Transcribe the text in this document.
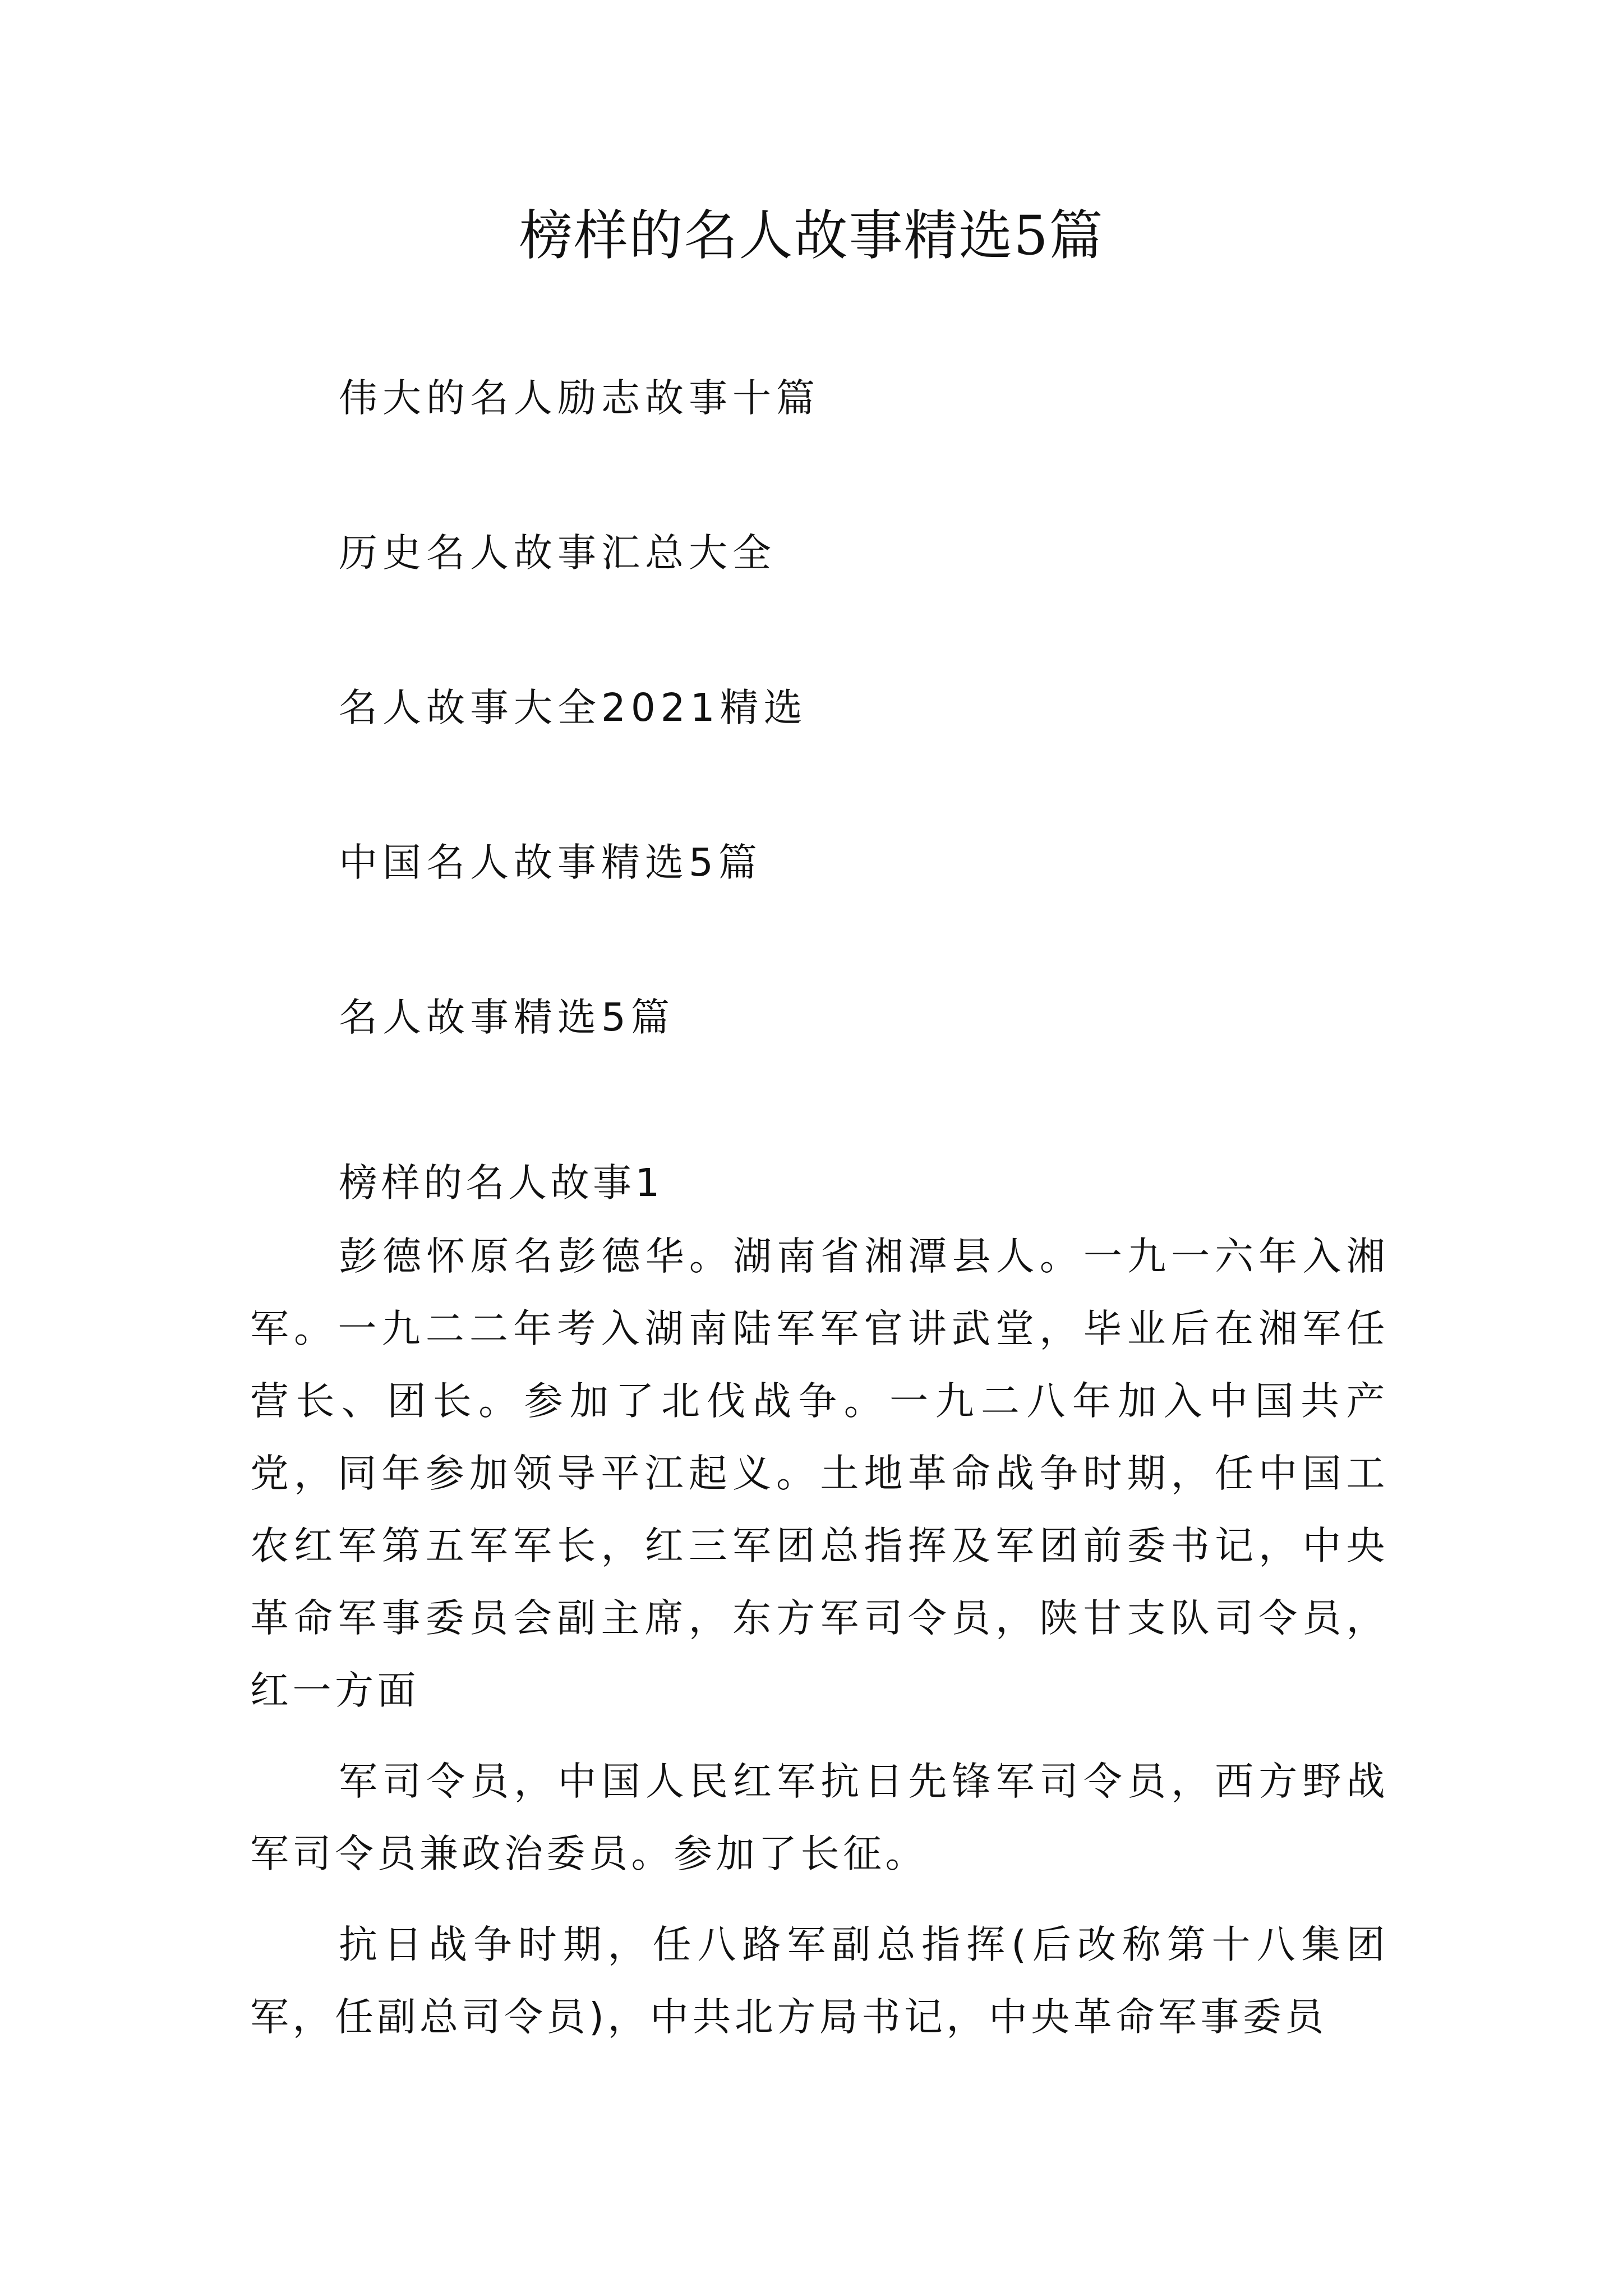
榜样的名人故事精选5篇
伟大的名人励志故事十篇
历史名人故事汇总大全
名人故事大全2021精选
中国名人故事精选5篇
名人故事精选5篇
榜样的名人故事1

彭德怀原名彭德华。湖南省湘潭县人。一九一六年入湘军。一九二二年考入湖南陆军军官讲武堂，毕业后在湘军任营长、团长。参加了北伐战争。一九二八年加入中国共产党，同年参加领导平江起义。土地革命战争时期，任中国工农红军第五军军长，红三军团总指挥及军团前委书记，中央革命军事委员会副主席，东方军司令员，陕甘支队司令员，红一方面

军司令员，中国人民红军抗日先锋军司令员，西方野战军司令员兼政治委员。参加了长征。

抗日战争时期，任八路军副总指挥(后改称第十八集团军，任副总司令员)，中共北方局书记，中央革命军事委员
